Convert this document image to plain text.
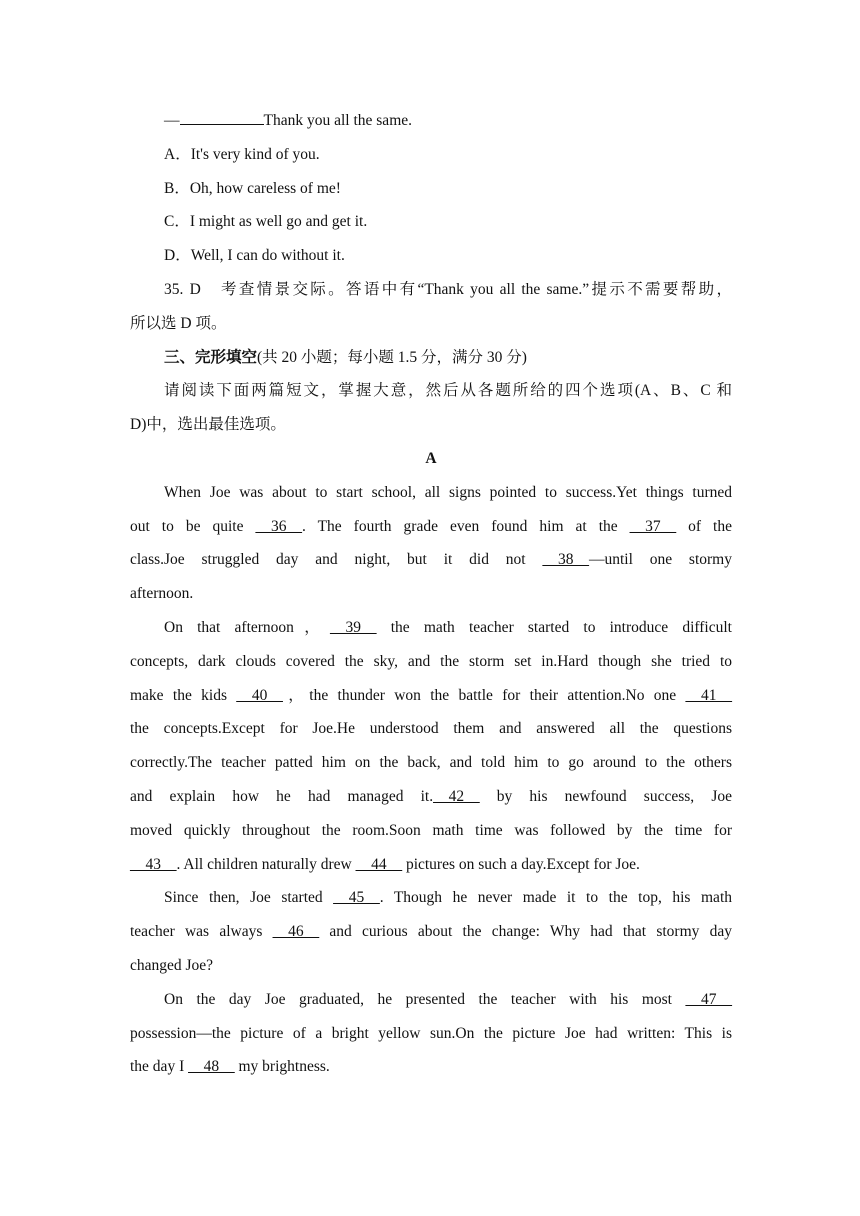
—	Thank you all the same.

A．It's very kind of you.

B．Oh, how careless of me!

C．I might as well go and get it.

D．Well, I can do without it.

35. D　考查情景交际。答语中有“Thank you all the same.”提示不需要帮助，

所以选 D 项。

三、完形填空(共 20 小题；每小题 1.5 分，满分 30 分)

请阅读下面两篇短文，掌握大意，然后从各题所给的四个选项(A、B、C 和

D)中，选出最佳选项。

A

When Joe was about to start school, all signs pointed to success.Yet things turned

out to be quite __36__. The fourth grade even found him at the __37__ of the

class.Joe struggled day and night, but it did not __38__—until one stormy

afternoon.

On that afternoon，__39__ the math teacher started to introduce difficult

concepts, dark clouds covered the sky, and the storm set in.Hard though she tried to

make the kids __40__，the thunder won the battle for their attention.No one __41__

the concepts.Except for Joe.He understood them and answered all the questions

correctly.The teacher patted him on the back, and told him to go around to the others

and explain how he had managed it.__42__ by his newfound success, Joe

moved quickly throughout the room.Soon math time was followed by the time for

__43__. All children naturally drew __44__ pictures on such a day.Except for Joe.

Since then, Joe started __45__. Though he never made it to the top, his math

teacher was always __46__ and curious about the change: Why had that stormy day

changed Joe?

On the day Joe graduated, he presented the teacher with his most __47__

possession—the picture of a bright yellow sun.On the picture Joe had written: This is

the day I __48__ my brightness.
